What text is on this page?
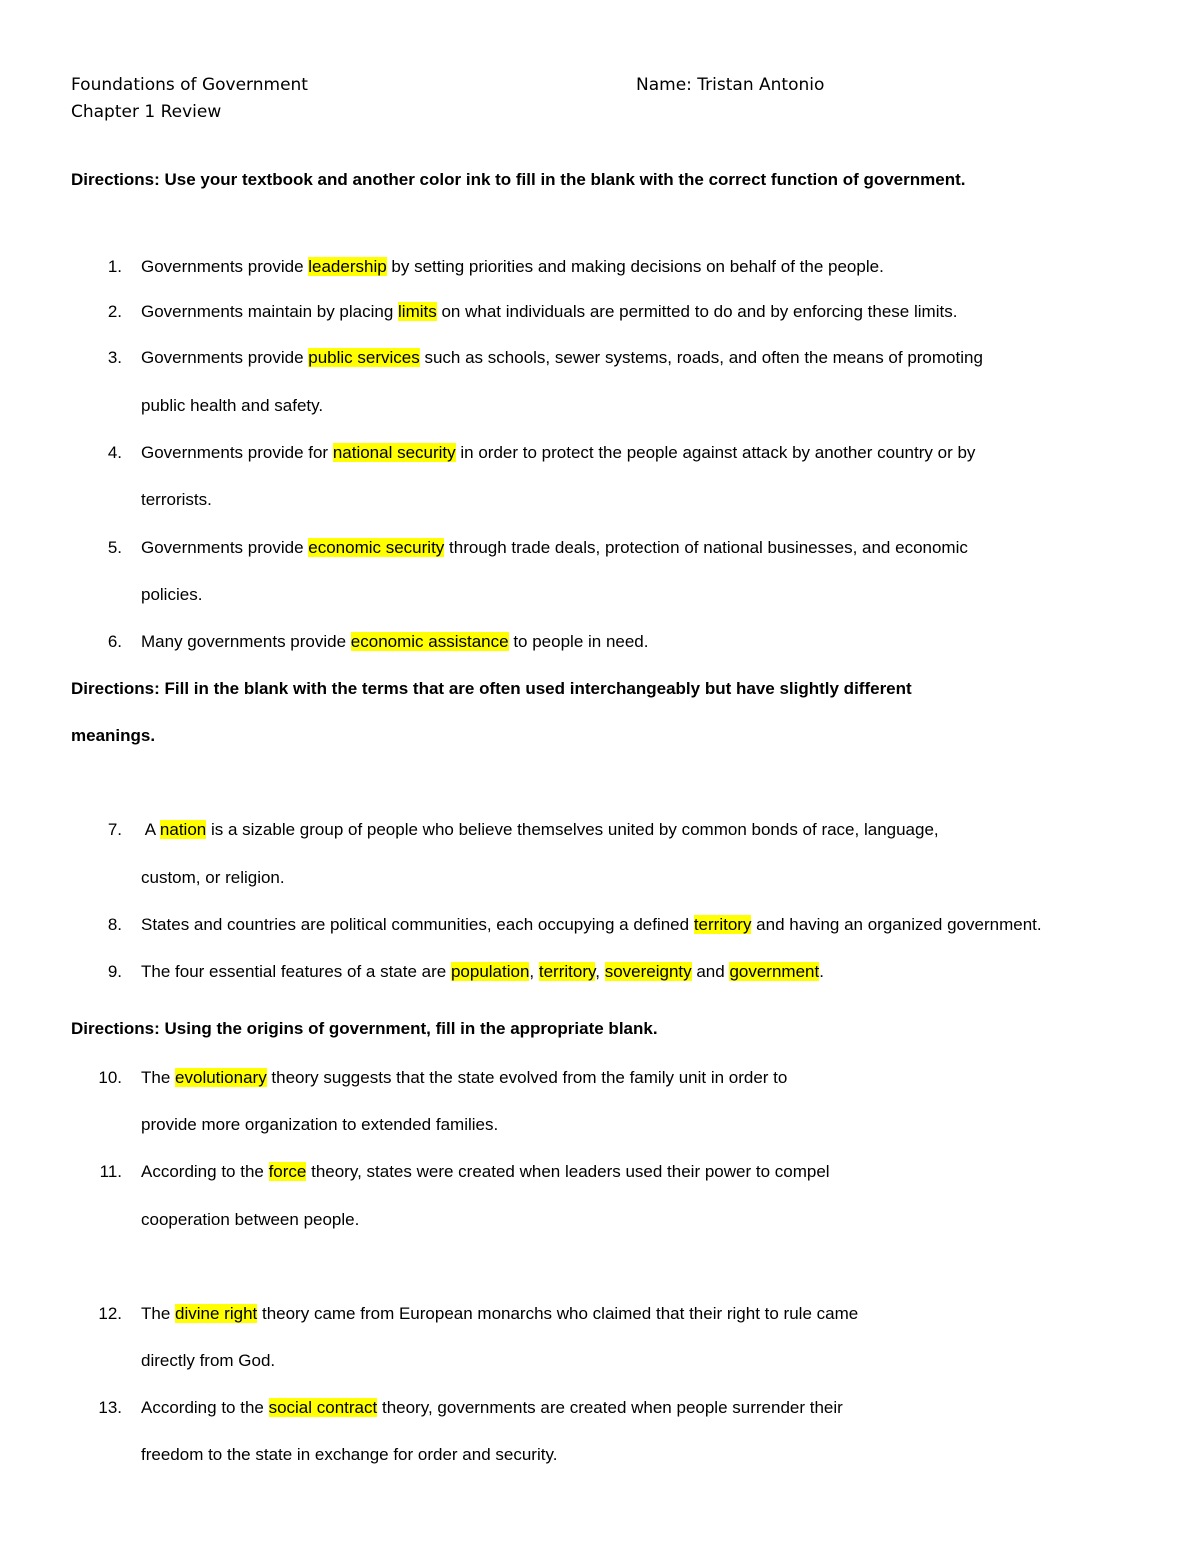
Foundations of Government
Chapter 1 Review
Name: Tristan Antonio
Directions: Use your textbook and another color ink to fill in the blank with the correct function of government.
1. Governments provide leadership by setting priorities and making decisions on behalf of the people.
2. Governments maintain by placing limits on what individuals are permitted to do and by enforcing these limits.
3. Governments provide public services such as schools, sewer systems, roads, and often the means of promoting
public health and safety.
4. Governments provide for national security in order to protect the people against attack by another country or by
terrorists.
5. Governments provide economic security through trade deals, protection of national businesses, and economic
policies.
6. Many governments provide economic assistance to people in need.
Directions: Fill in the blank with the terms that are often used interchangeably but have slightly different
meanings.
7. A nation is a sizable group of people who believe themselves united by common bonds of race, language,
custom, or religion.
8. States and countries are political communities, each occupying a defined territory and having an organized government.
9. The four essential features of a state are population, territory, sovereignty and government.
Directions: Using the origins of government, fill in the appropriate blank.
10. The evolutionary theory suggests that the state evolved from the family unit in order to
provide more organization to extended families.
11. According to the force theory, states were created when leaders used their power to compel
cooperation between people.
12. The divine right theory came from European monarchs who claimed that their right to rule came
directly from God.
13. According to the social contract theory, governments are created when people surrender their
freedom to the state in exchange for order and security.
